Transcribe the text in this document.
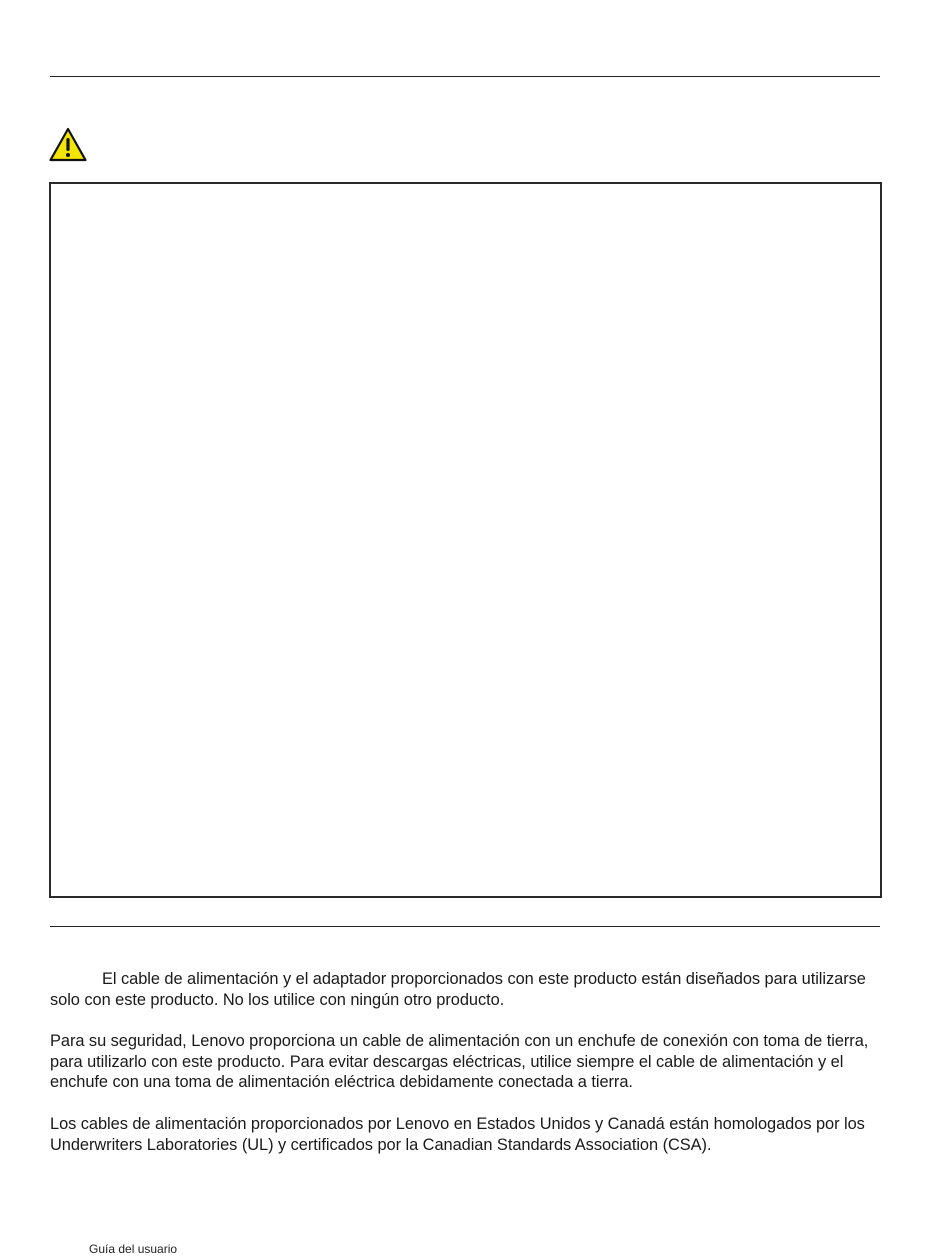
El cable de alimentación y el adaptador proporcionados con este producto están diseñados para utilizarse solo con este producto. No los utilice con ningún otro producto.

Para su seguridad, Lenovo proporciona un cable de alimentación con un enchufe de conexión con toma de tierra, para utilizarlo con este producto. Para evitar descargas eléctricas, utilice siempre el cable de alimentación y el enchufe con una toma de alimentación eléctrica debidamente conectada a tierra.

Los cables de alimentación proporcionados por Lenovo en Estados Unidos y Canadá están homologados por los Underwriters Laboratories (UL) y certificados por la Canadian Standards Association (CSA).

Guía del usuario
